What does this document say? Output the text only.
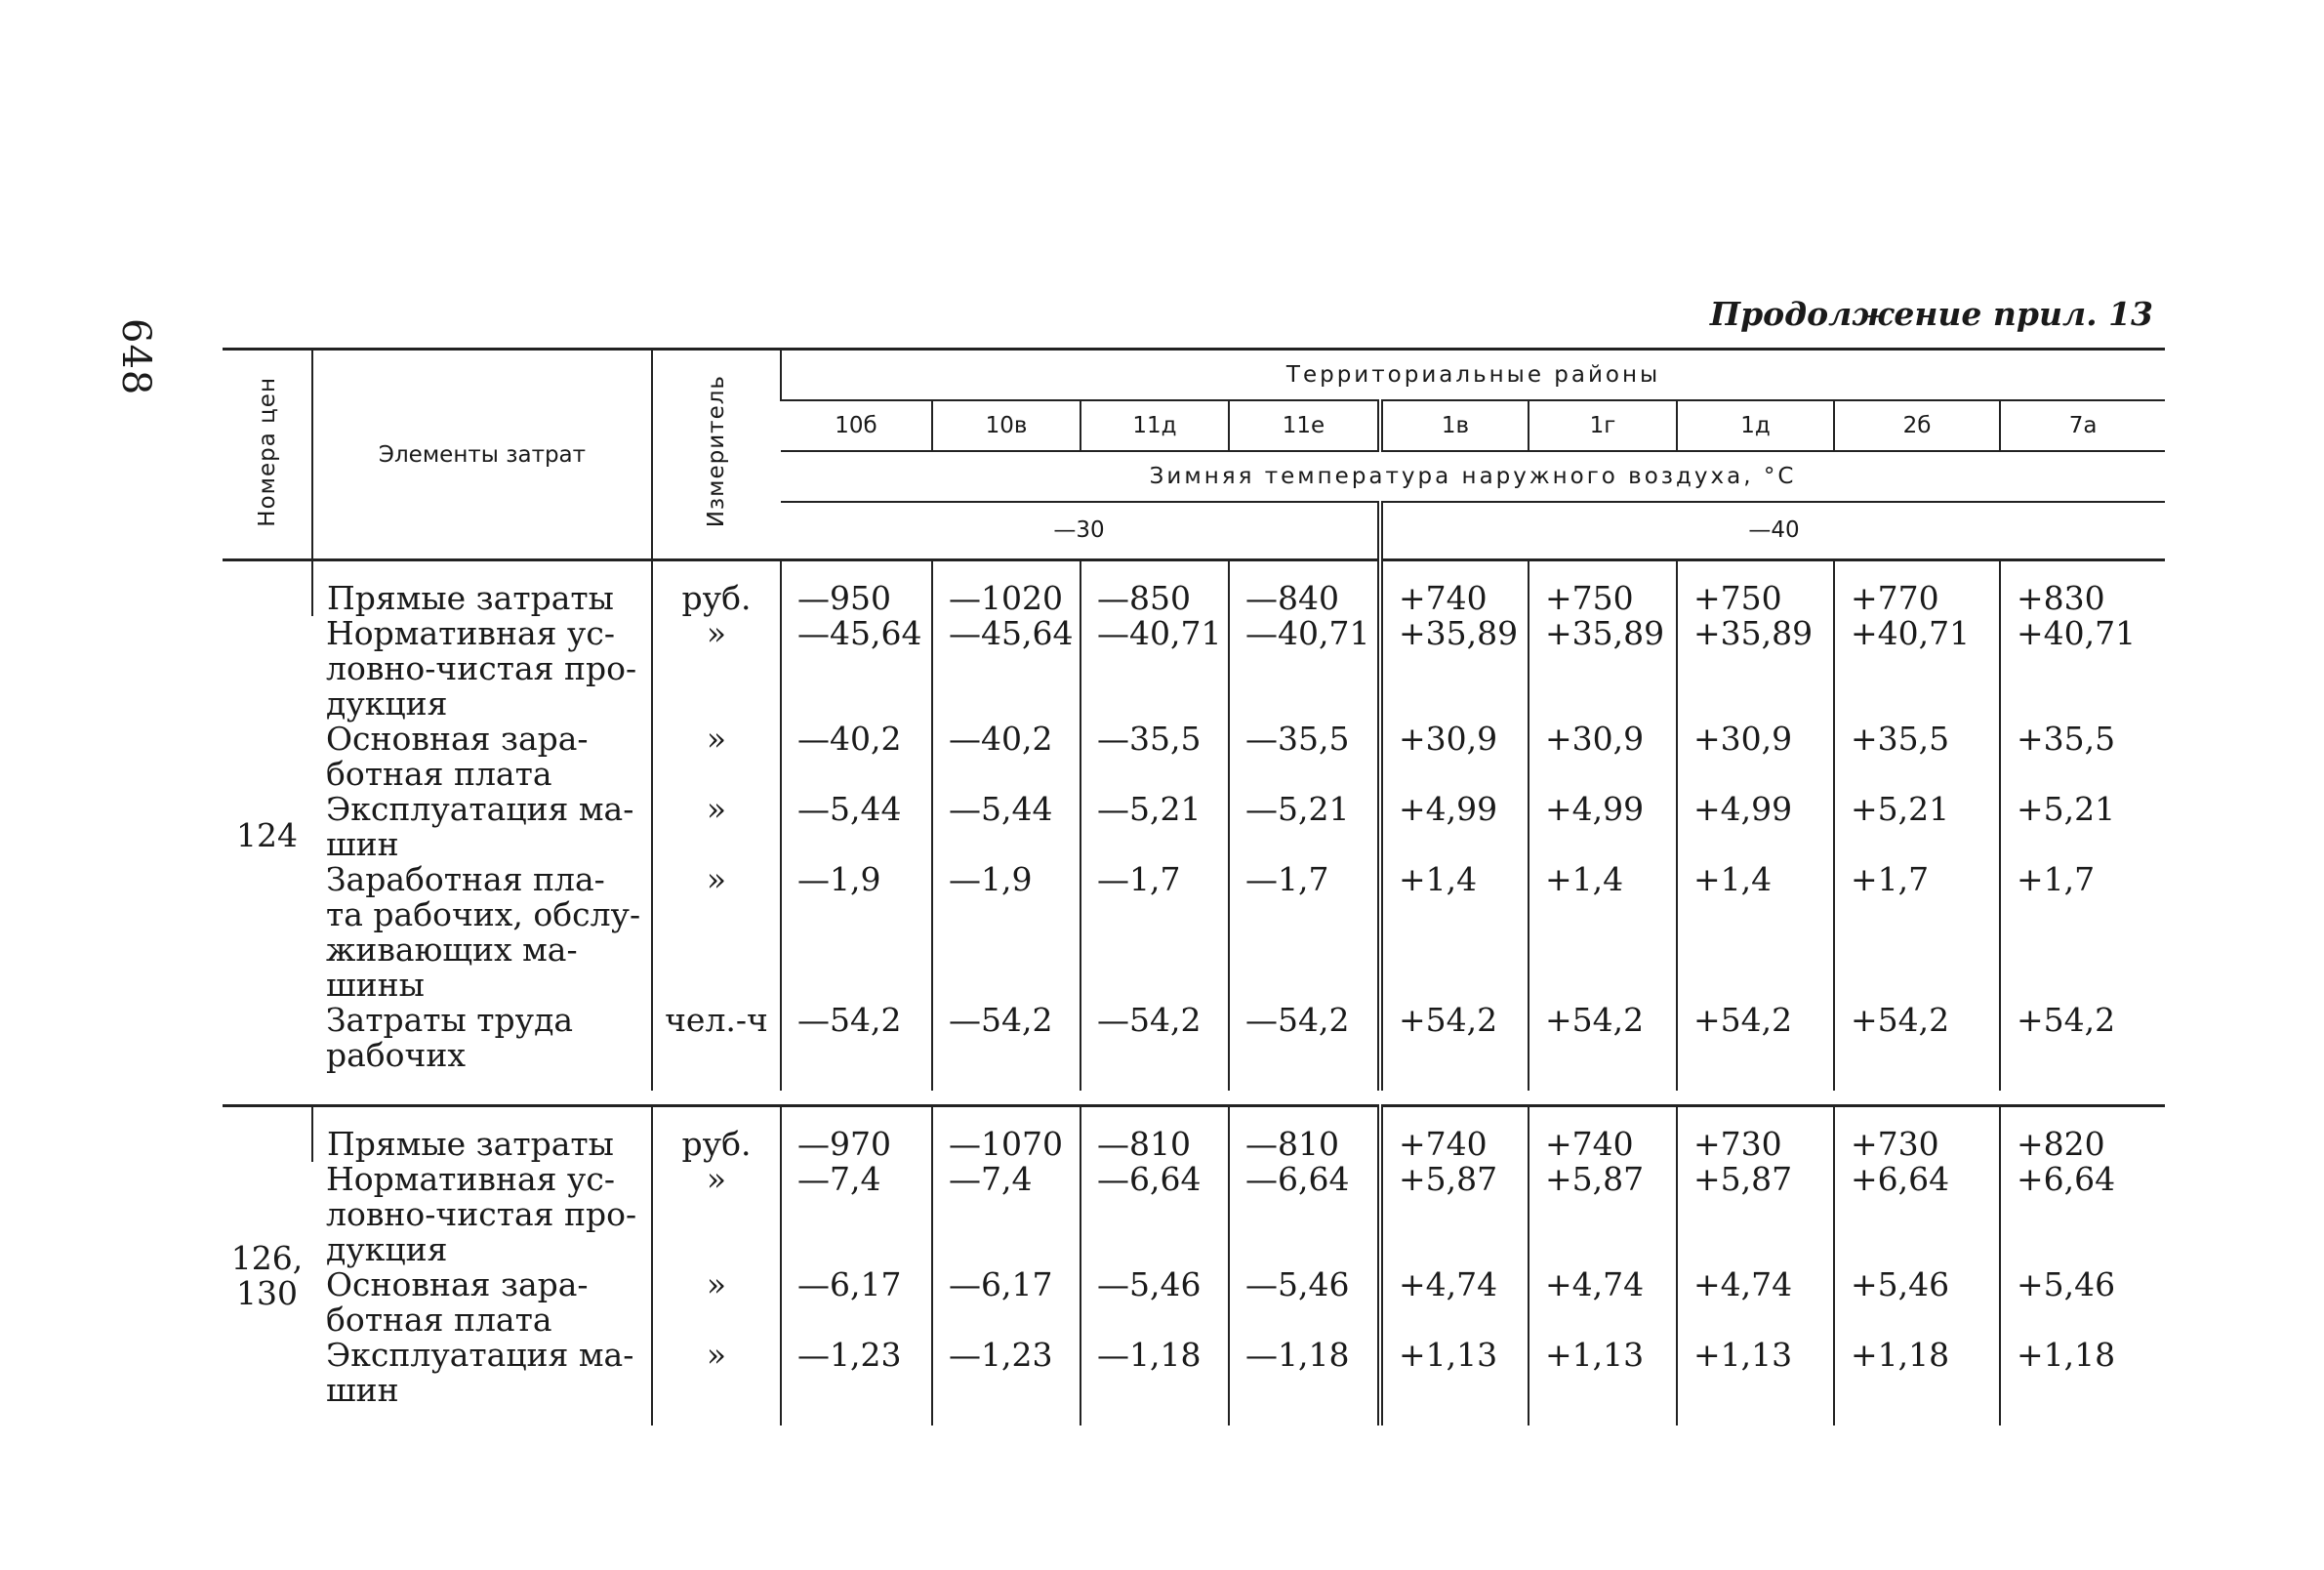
648
Продолжение прил. 13
Номера цен	Элементы затрат	Измеритель	Территориальные районы								
			10б	10в	11д	11е	1в	1г	1д	2б	7а
			Зимняя температура наружного воздуха, °С								
			—30				—40				
124	Прямые затраты	руб.	—950	—1020	—850	—840	+740	+750	+750	+770	+830

	Нормативная ус-
ловно-чистая про-
дукция	»	—45,64	—45,64	—40,71	—40,71	+35,89	+35,89	+35,89	+40,71	+40,71

	Основная зара-
ботная плата	»	—40,2	—40,2	—35,5	—35,5	+30,9	+30,9	+30,9	+35,5	+35,5

	Эксплуатация ма-
шин	»	—5,44	—5,44	—5,21	—5,21	+4,99	+4,99	+4,99	+5,21	+5,21

	Заработная пла-
та рабочих, обслу-
живающих ма-
шины	»	—1,9	—1,9	—1,7	—1,7	+1,4	+1,4	+1,4	+1,7	+1,7

	Затраты труда
рабочих	чел.-ч	—54,2	—54,2	—54,2	—54,2	+54,2	+54,2	+54,2	+54,2	+54,2

126, 130	Прямые затраты	руб.	—970	—1070	—810	—810	+740	+740	+730	+730	+820

	Нормативная ус-
ловно-чистая про-
дукция	»	—7,4	—7,4	—6,64	—6,64	+5,87	+5,87	+5,87	+6,64	+6,64

	Основная зара-
ботная плата	»	—6,17	—6,17	—5,46	—5,46	+4,74	+4,74	+4,74	+5,46	+5,46

	Эксплуатация ма-
шин	»	—1,23	—1,23	—1,18	—1,18	+1,13	+1,13	+1,13	+1,18	+1,18
